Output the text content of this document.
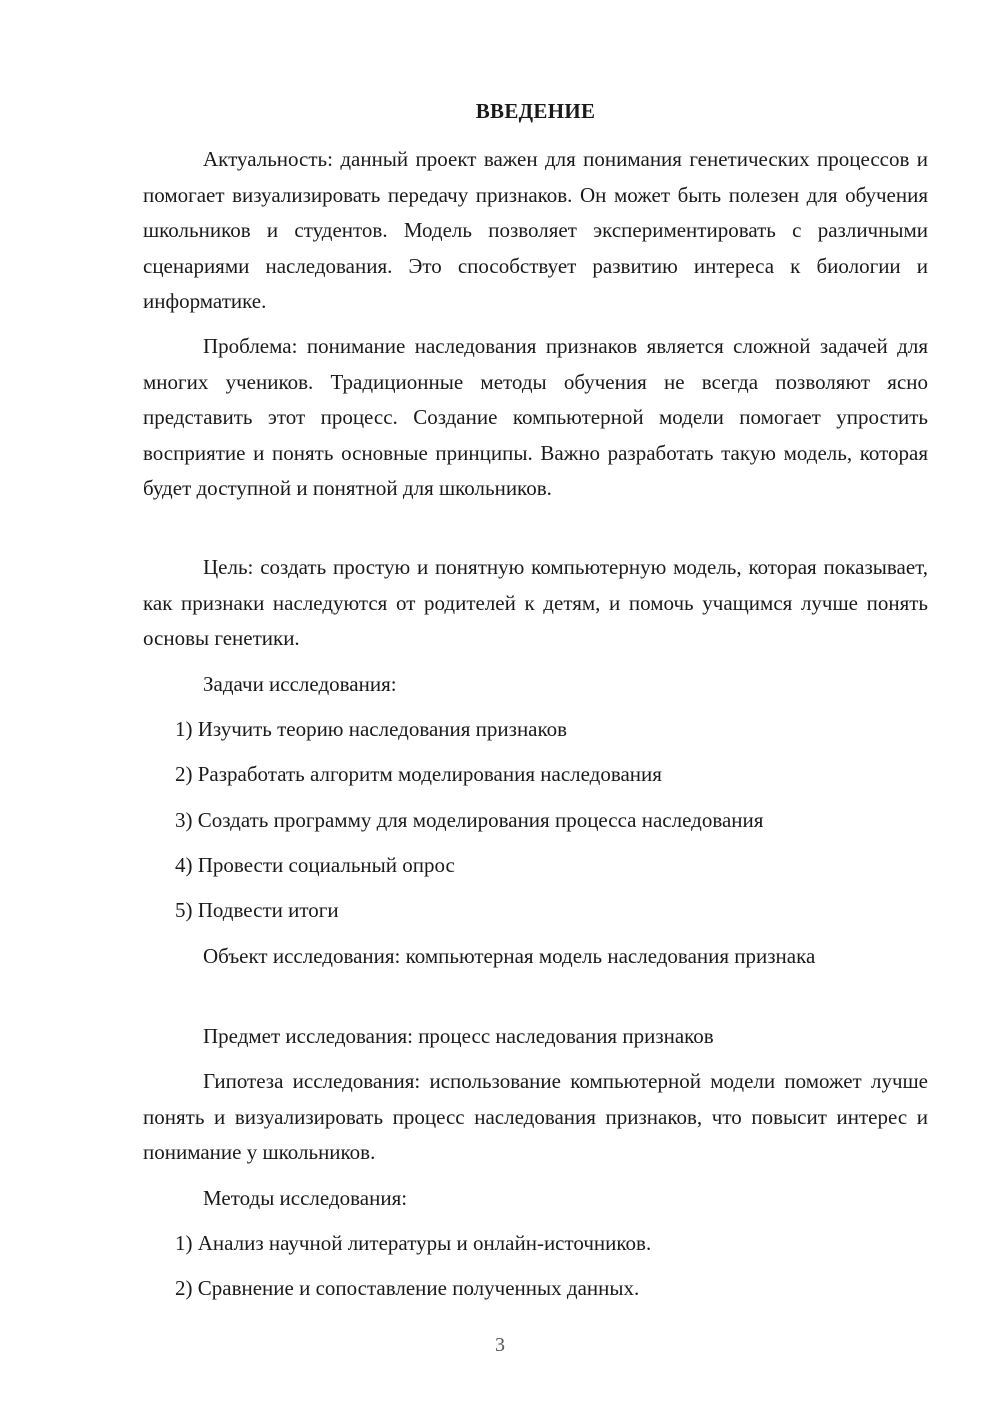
ВВЕДЕНИЕ

Актуальность: данный проект важен для понимания генетических процессов и помогает визуализировать передачу признаков. Он может быть полезен для обучения школьников и студентов. Модель позволяет экспериментировать с различными сценариями наследования. Это способствует развитию интереса к биологии и информатике.

Проблема: понимание наследования признаков является сложной задачей для многих учеников. Традиционные методы обучения не всегда позволяют ясно представить этот процесс. Создание компьютерной модели помогает упростить восприятие и понять основные принципы. Важно разработать такую модель, которая будет доступной и понятной для школьников.

Цель: создать простую и понятную компьютерную модель, которая показывает, как признаки наследуются от родителей к детям, и помочь учащимся лучше понять основы генетики.

Задачи исследования:

1) Изучить теорию наследования признаков

2) Разработать алгоритм моделирования наследования

3) Создать программу для моделирования процесса наследования

4) Провести социальный опрос

5) Подвести итоги

Объект исследования: компьютерная модель наследования признака

Предмет исследования: процесс наследования признаков

Гипотеза исследования: использование компьютерной модели поможет лучше понять и визуализировать процесс наследования признаков, что повысит интерес и понимание у школьников.

Методы исследования:

1) Анализ научной литературы и онлайн-источников.

2) Сравнение и сопоставление полученных данных.

3
